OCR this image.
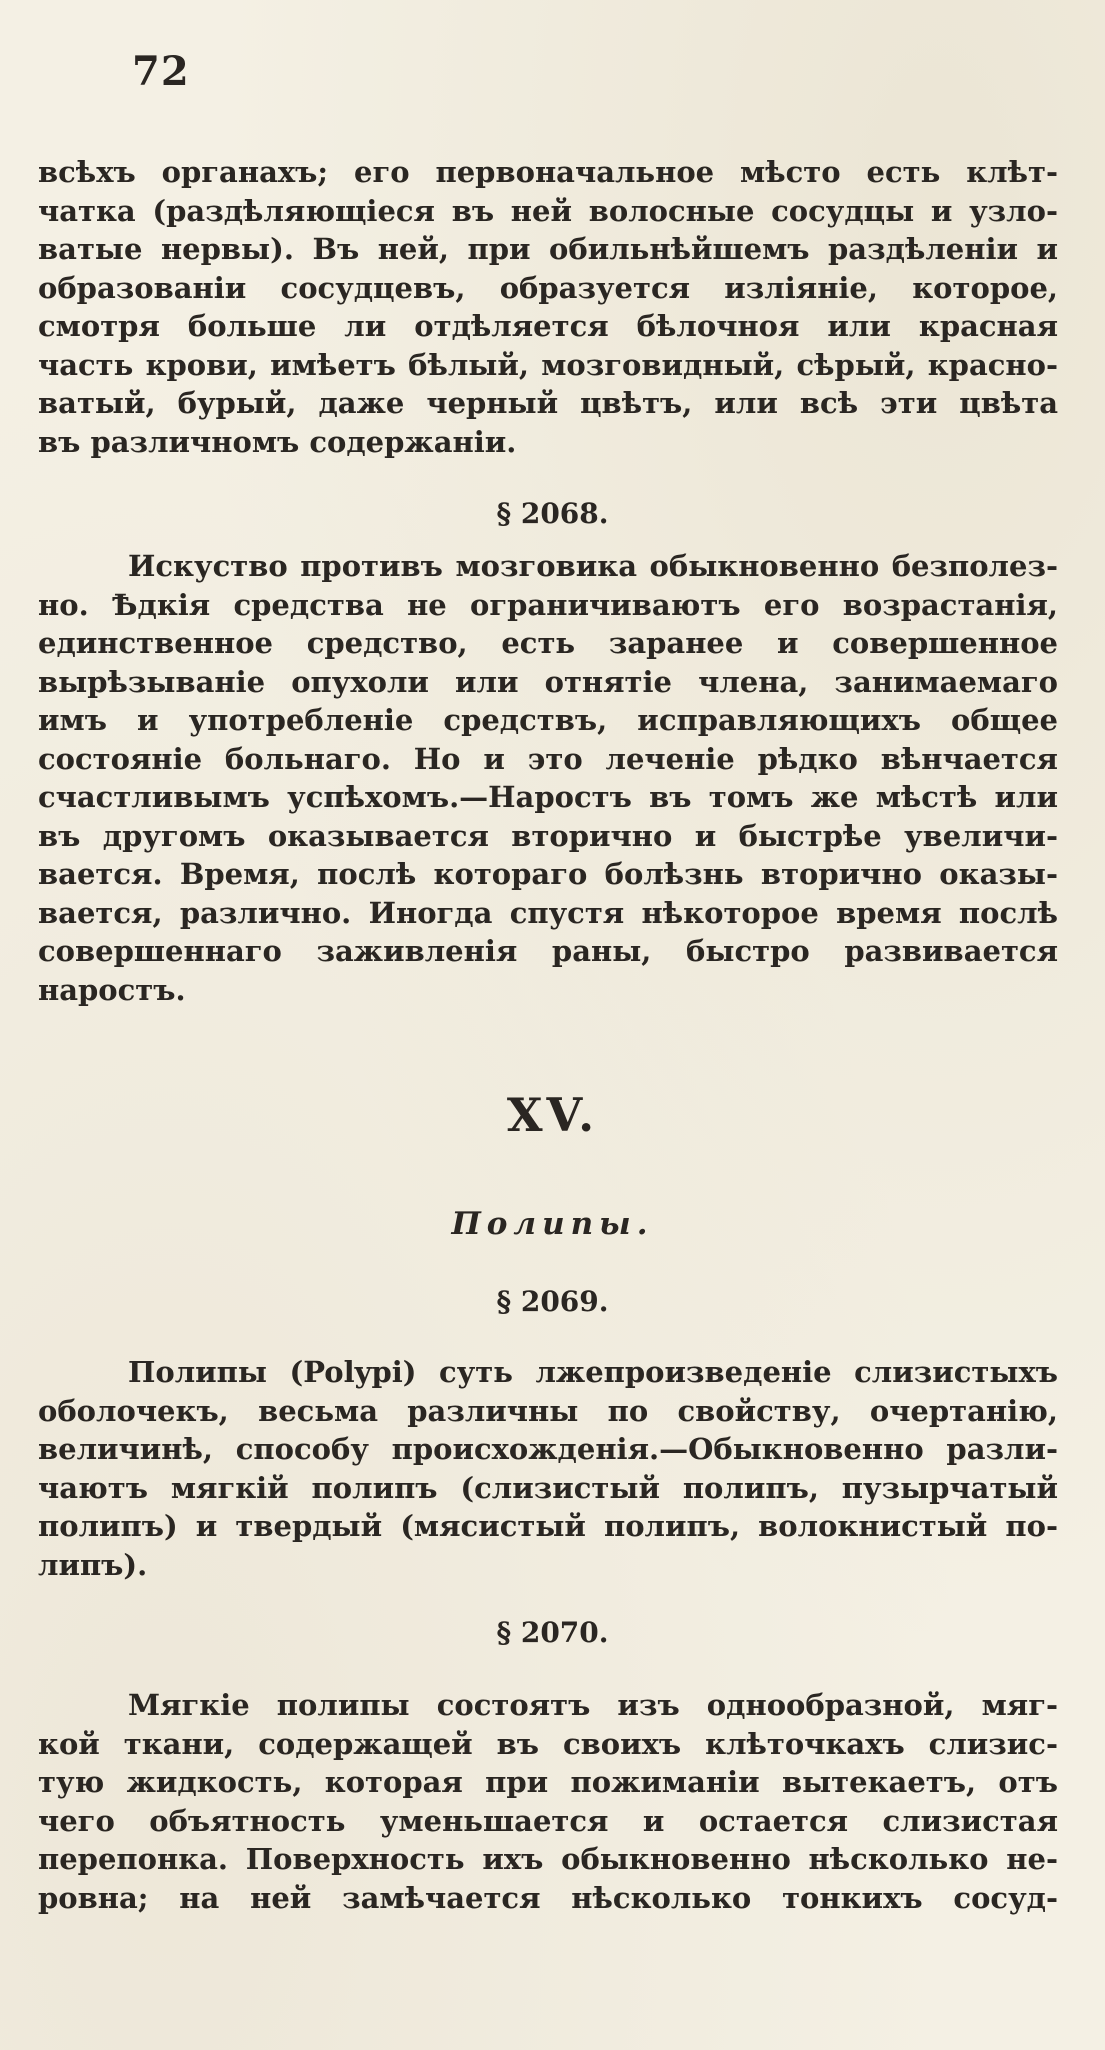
72
всѣхъ органахъ; его первоначальное мѣсто есть клѣт-
чатка (раздѣляющіеся въ ней волосные сосудцы и узло-
ватые нервы). Въ ней, при обильнѣйшемъ раздѣленіи и
образованіи сосудцевъ, образуется изліяніе, которое,
смотря больше ли отдѣляется бѣлочноя или красная
часть крови, имѣетъ бѣлый, мозговидный, сѣрый, красно-
ватый, бурый, даже черный цвѣтъ, или всѣ эти цвѣта
въ различномъ содержаніи.
§ 2068.
Искуство противъ мозговика обыкновенно безполез-
но. Ѣдкія средства не ограничиваютъ его возрастанія,
единственное средство, есть заранее и совершенное
вырѣзываніе опухоли или отнятіе члена, занимаемаго
имъ и употребленіе средствъ, исправляющихъ общее
состояніе больнаго. Но и это леченіе рѣдко вѣнчается
счастливымъ успѣхомъ.—Наростъ въ томъ же мѣстѣ или
въ другомъ оказывается вторично и быстрѣе увеличи-
вается. Время, послѣ котораго болѣзнь вторично оказы-
вается, различно. Иногда спустя нѣкоторое время послѣ
совершеннаго заживленія раны, быстро развивается
наростъ.
XV.
Полипы.
§ 2069.
Полипы (Polypi) суть лжепроизведеніе слизистыхъ
оболочекъ, весьма различны по свойству, очертанію,
величинѣ, способу происхожденія.—Обыкновенно разли-
чаютъ мягкій полипъ (слизистый полипъ, пузырчатый
полипъ) и твердый (мясистый полипъ, волокнистый по-
липъ).
§ 2070.
Мягкіе полипы состоятъ изъ однообразной, мяг-
кой ткани, содержащей въ своихъ клѣточкахъ слизис-
тую жидкость, которая при пожиманіи вытекаетъ, отъ
чего объятность уменьшается и остается слизистая
перепонка. Поверхность ихъ обыкновенно нѣсколько не-
ровна; на ней замѣчается нѣсколько тонкихъ сосуд-
